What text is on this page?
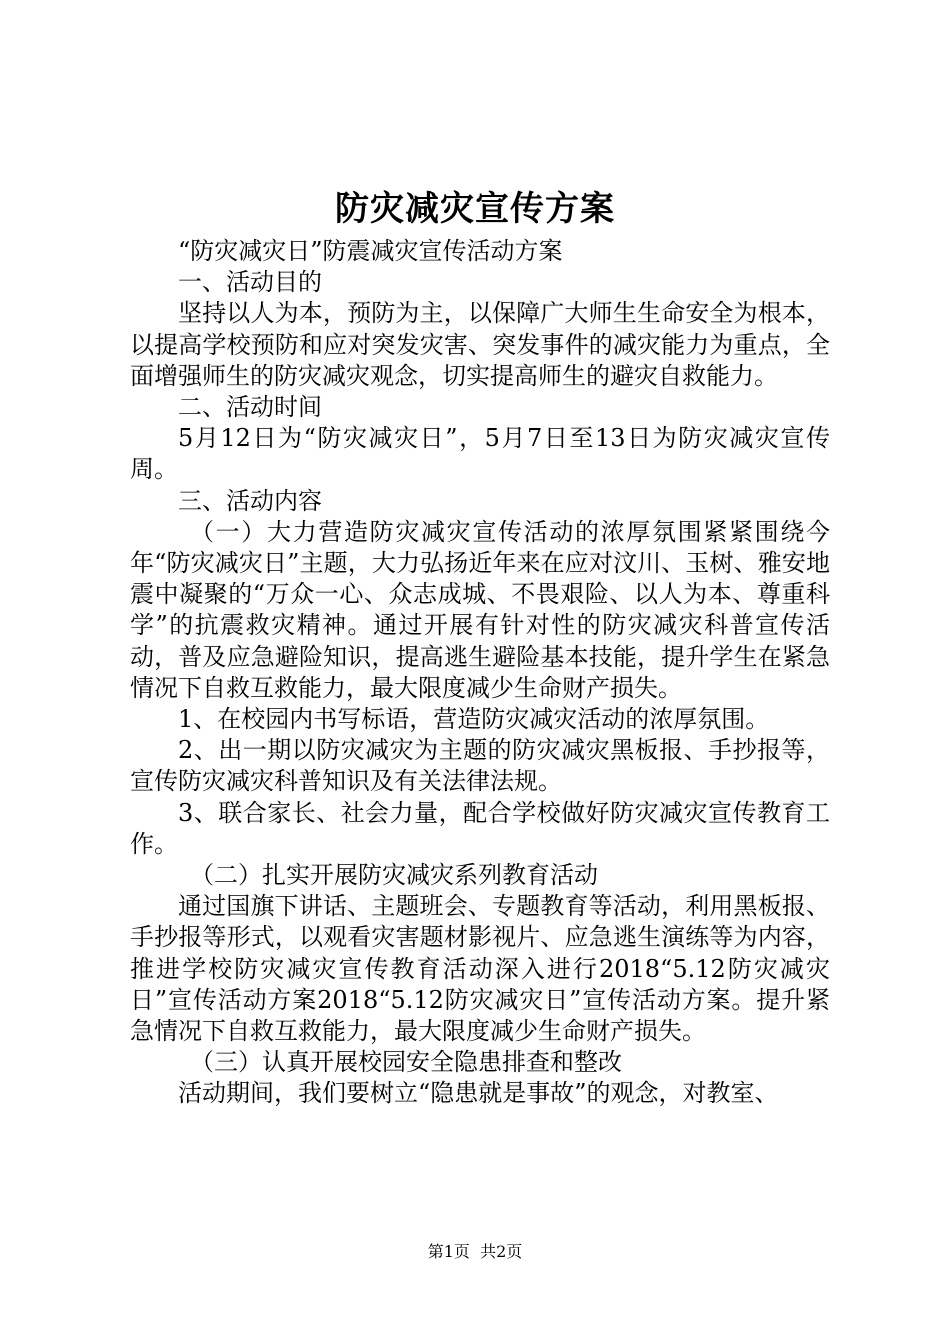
防灾减灾宣传方案

“防灾减灾日”防震减灾宣传活动方案

一、活动目的

坚持以人为本，预防为主，以保障广大师生生命安全为根本，以提高学校预防和应对突发灾害、突发事件的减灾能力为重点，全面增强师生的防灾减灾观念，切实提高师生的避灾自救能力。

二、活动时间

5月12日为“防灾减灾日”，5月7日至13日为防灾减灾宣传周。

三、活动内容

（一）大力营造防灾减灾宣传活动的浓厚氛围紧紧围绕今年“防灾减灾日”主题，大力弘扬近年来在应对汶川、玉树、雅安地震中凝聚的“万众一心、众志成城、不畏艰险、以人为本、尊重科学”的抗震救灾精神。通过开展有针对性的防灾减灾科普宣传活动，普及应急避险知识，提高逃生避险基本技能，提升学生在紧急情况下自救互救能力，最大限度减少生命财产损失。

1、在校园内书写标语，营造防灾减灾活动的浓厚氛围。

2、出一期以防灾减灾为主题的防灾减灾黑板报、手抄报等，宣传防灾减灾科普知识及有关法律法规。

3、联合家长、社会力量，配合学校做好防灾减灾宣传教育工作。

（二）扎实开展防灾减灾系列教育活动

通过国旗下讲话、主题班会、专题教育等活动，利用黑板报、手抄报等形式，以观看灾害题材影视片、应急逃生演练等为内容，推进学校防灾减灾宣传教育活动深入进行2018“5.12防灾减灾日”宣传活动方案2018“5.12防灾减灾日”宣传活动方案。提升紧急情况下自救互救能力，最大限度减少生命财产损失。

（三）认真开展校园安全隐患排查和整改

活动期间，我们要树立“隐患就是事故”的观念，对教室、

第1页  共2页
